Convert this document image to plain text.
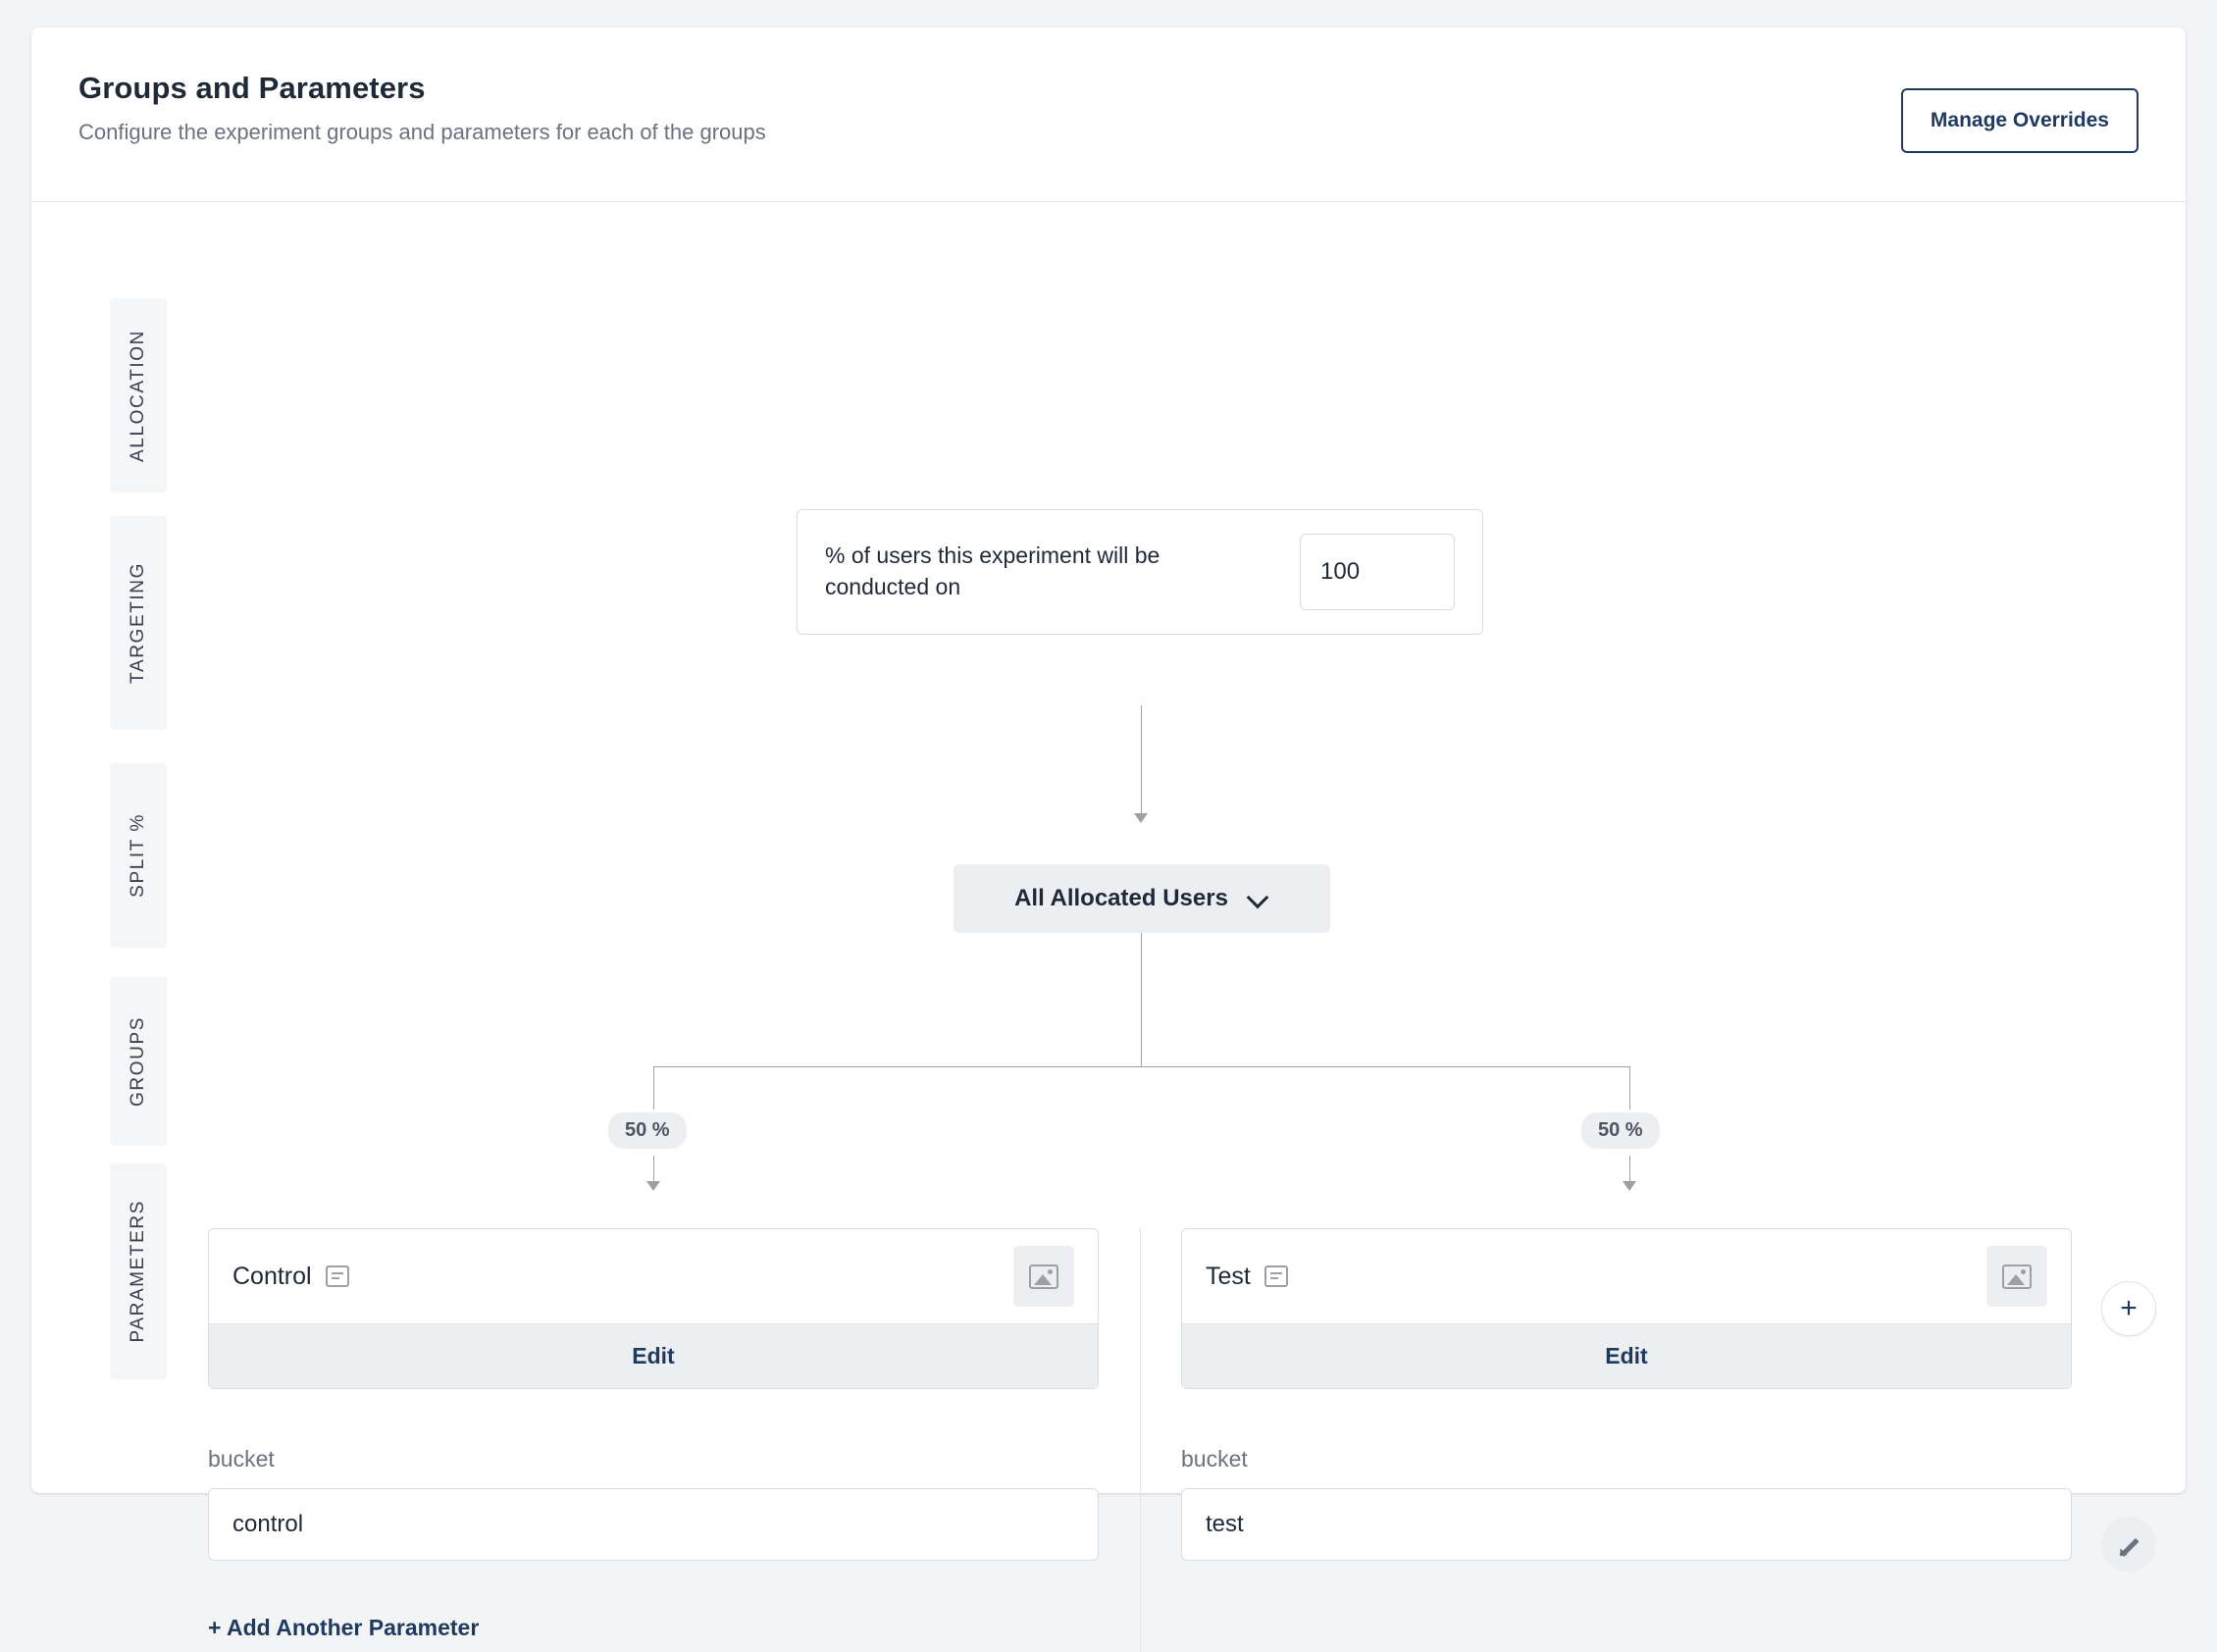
Groups and Parameters

Configure the experiment groups and parameters for each of the groups	Manage Overrides
ALLOCATION
TARGETING
SPLIT %
GROUPS
PARAMETERS
% of users this experiment will be conducted on
100
All Allocated Users
50 %	50 %
Control
Edit
Test
Edit
+
bucket
control	bucket
test
+ Add Another Parameter
